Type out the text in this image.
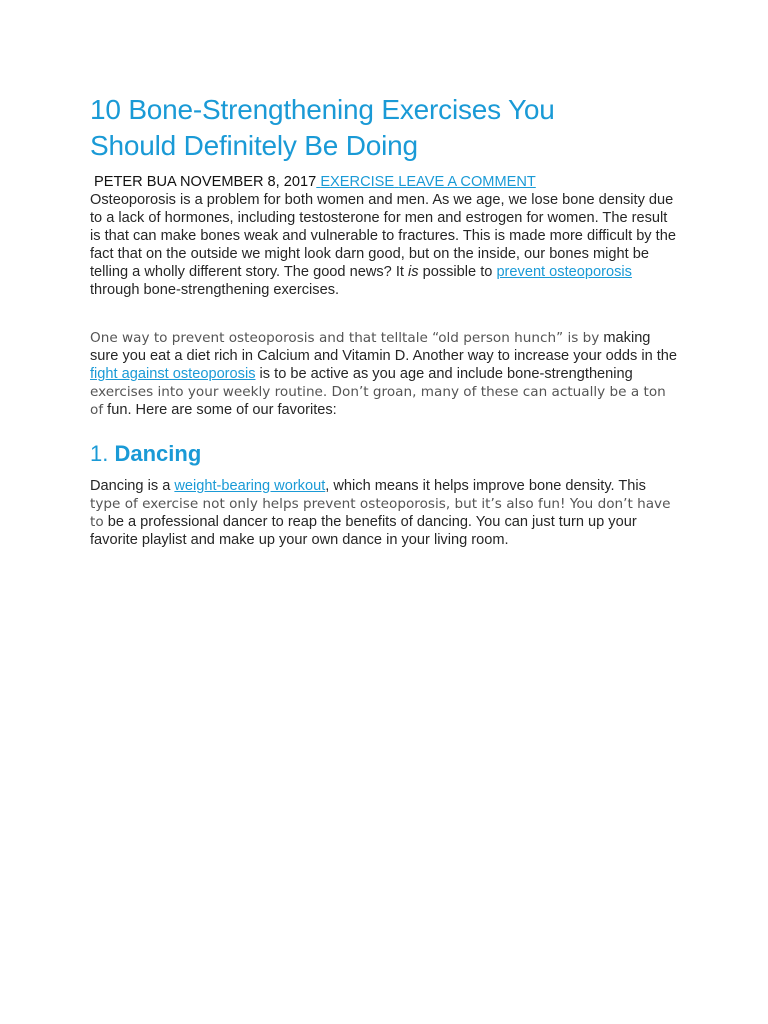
10 Bone-Strengthening Exercises You
Should Definitely Be Doing
PETER BUA NOVEMBER 8, 2017 EXERCISE LEAVE A COMMENT

Osteoporosis is a problem for both women and men. As we age, we lose bone density due to a lack of hormones, including testosterone for men and estrogen for women. The result is that can make bones weak and vulnerable to fractures. This is made more difficult by the fact that on the outside we might look darn good, but on the inside, our bones might be telling a wholly different story. The good news? It is possible to prevent osteoporosis through bone-strengthening exercises.

One way to prevent osteoporosis and that telltale “old person hunch” is by making sure you eat a diet rich in Calcium and Vitamin D. Another way to increase your odds in the fight against osteoporosis is to be active as you age and include bone-strengthening exercises into your weekly routine. Don’t groan, many of these can actually be a ton of fun. Here are some of our favorites:

1. Dancing

Dancing is a weight-bearing workout, which means it helps improve bone density. This type of exercise not only helps prevent osteoporosis, but it’s also fun! You don’t have to be a professional dancer to reap the benefits of dancing. You can just turn up your favorite playlist and make up your own dance in your living room.
